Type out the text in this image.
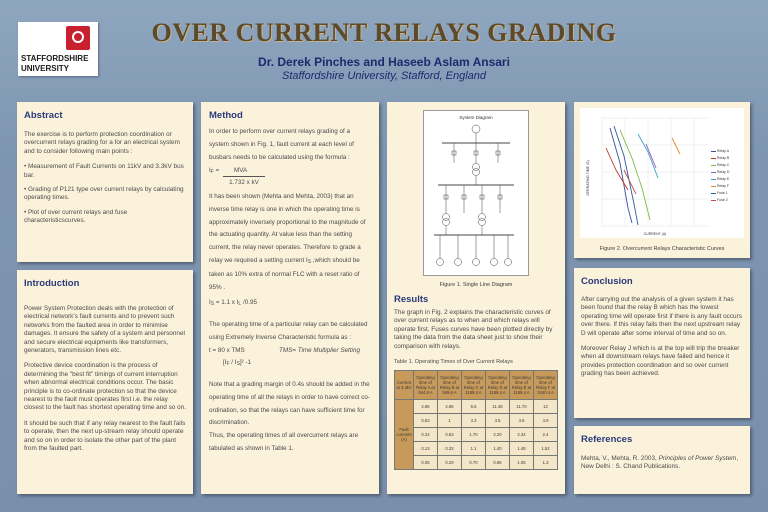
STAFFORDSHIRE
UNIVERSITY
OVER CURRENT RELAYS GRADING
Dr. Derek Pinches and Haseeb Aslam Ansari
Staffordshire University, Stafford, England
Abstract

The exercise is to perform protection coordination or overcurrent relays grading for a for an electrical system and to consider following main points :

• Measurement of Fault Currents on 11kV and 3.3kV bus bar.
• Grading of P121 type over current relays by calculating operating times.
• Plot of over current relays and fuse characteristicscurves.
Introduction

Power System Protection deals with the protection of electrical network's fault currents and to prevent such networks from the faulted area in order to minimise damages. It ensure the safety of a system and personnel and secure electrical equipments like transformers, generators, transmission lines etc.

Protective device coordination is the process of determining the "best fit" timings of current interruption when abnormal electrical conditions occur. The basic principle is to co-ordinate protection so that the device nearest to the fault must operates first i.e. the relay closest to the fault has shortest operating time and so on.

It should be such that if any relay nearest to the fault fails to operate, then the next up-stream relay should operate and so on in order to isolate the other part of the plant from the faulted part.

Method

In order to perform over current relays grading of a system shown in Fig. 1, fault current at each level of busbars needs to be calculated using the formula :

$I_F$ = MVA
1.732 x kV

It has been shown (Mehta and Mehta, 2003) that an inverse time relay is one in which the operating time is approximately inversely proportional to the magnitude of the actuating quantity. At value less than the setting current, the relay never operates. Therefore to grade a relay we required a setting current $I_S$ ,which should be taken as 10% extra of normal FLC with a reset ratio of 95% .

$I_S = 1.1$ x $I_L$ /0.95

The operating time of a particular relay can be calculated using Extremely Inverse Characteristic formula as :

t = 80 x TMS	TMS= Time Multiplier Setting
$[I_F / I_S]^2$ -1

Note that a grading margin of 0.4s should be added in the operating time of all the relays in order to have correct co-ordination, so that the relays can have sufficient time for discrimination.

Thus, the operating times of all overcurrent relays are tabulated as shown in Table 1.

System Diagram
Figure 1. Single Line Diagram
Results

The graph in Fig. 2 explains the characteristic curves of over current relays as to when and which relays will operate first. Fuses curves have been plotted directly by taking the data from the data sheet just to show their comparison with relays.

Table 1. Operating Times of Over Current Relays
Current at 3.3kV	Operating time of Relay A at 944.6 A	Operating time of Relay B at 949.6 A	Operating time of Relay C at 1189.4 A	Operating time of Relay D at 1189.4 A	Operating time of Relay E at 1189.4 A	Operating time of Relay F at 3440.4 A
Fault currents (A)	2.86	2.86	6.6	11.46	11.70	12
	0.63	1	3.3	4.5	4.6	4.9
	0.22	0.63	1.70	2.20	2.34	2.4
	0.13	0.33	1.1	1.40	1.48	1.52
	0.06	0.20	0.70	0.86	1.06	1.3
OPERATING TIME (S)
CURRENT (A)
Relay A
Relay B
Relay C
Relay D
Relay E
Relay F
Fuse 1
Fuse 2
Figure 2. Overcurrent Relays Characteristic Curves
Conclusion

After carrying out the analysis of a given system it has been found that the relay B which has the lowest operating time will operate first if there is any fault occurs over there. If this relay fails then the next upstream relay D will operate after some interval of time and so on.

Moreover Relay J which is at the top will trip the breaker when all downstream relays have failed and hence it provides protection coordination and so over current grading has been achieved.

References

Mehta, V., Mehta, R. 2003, Principles of Power System, New Delhi : S. Chand Publications.
